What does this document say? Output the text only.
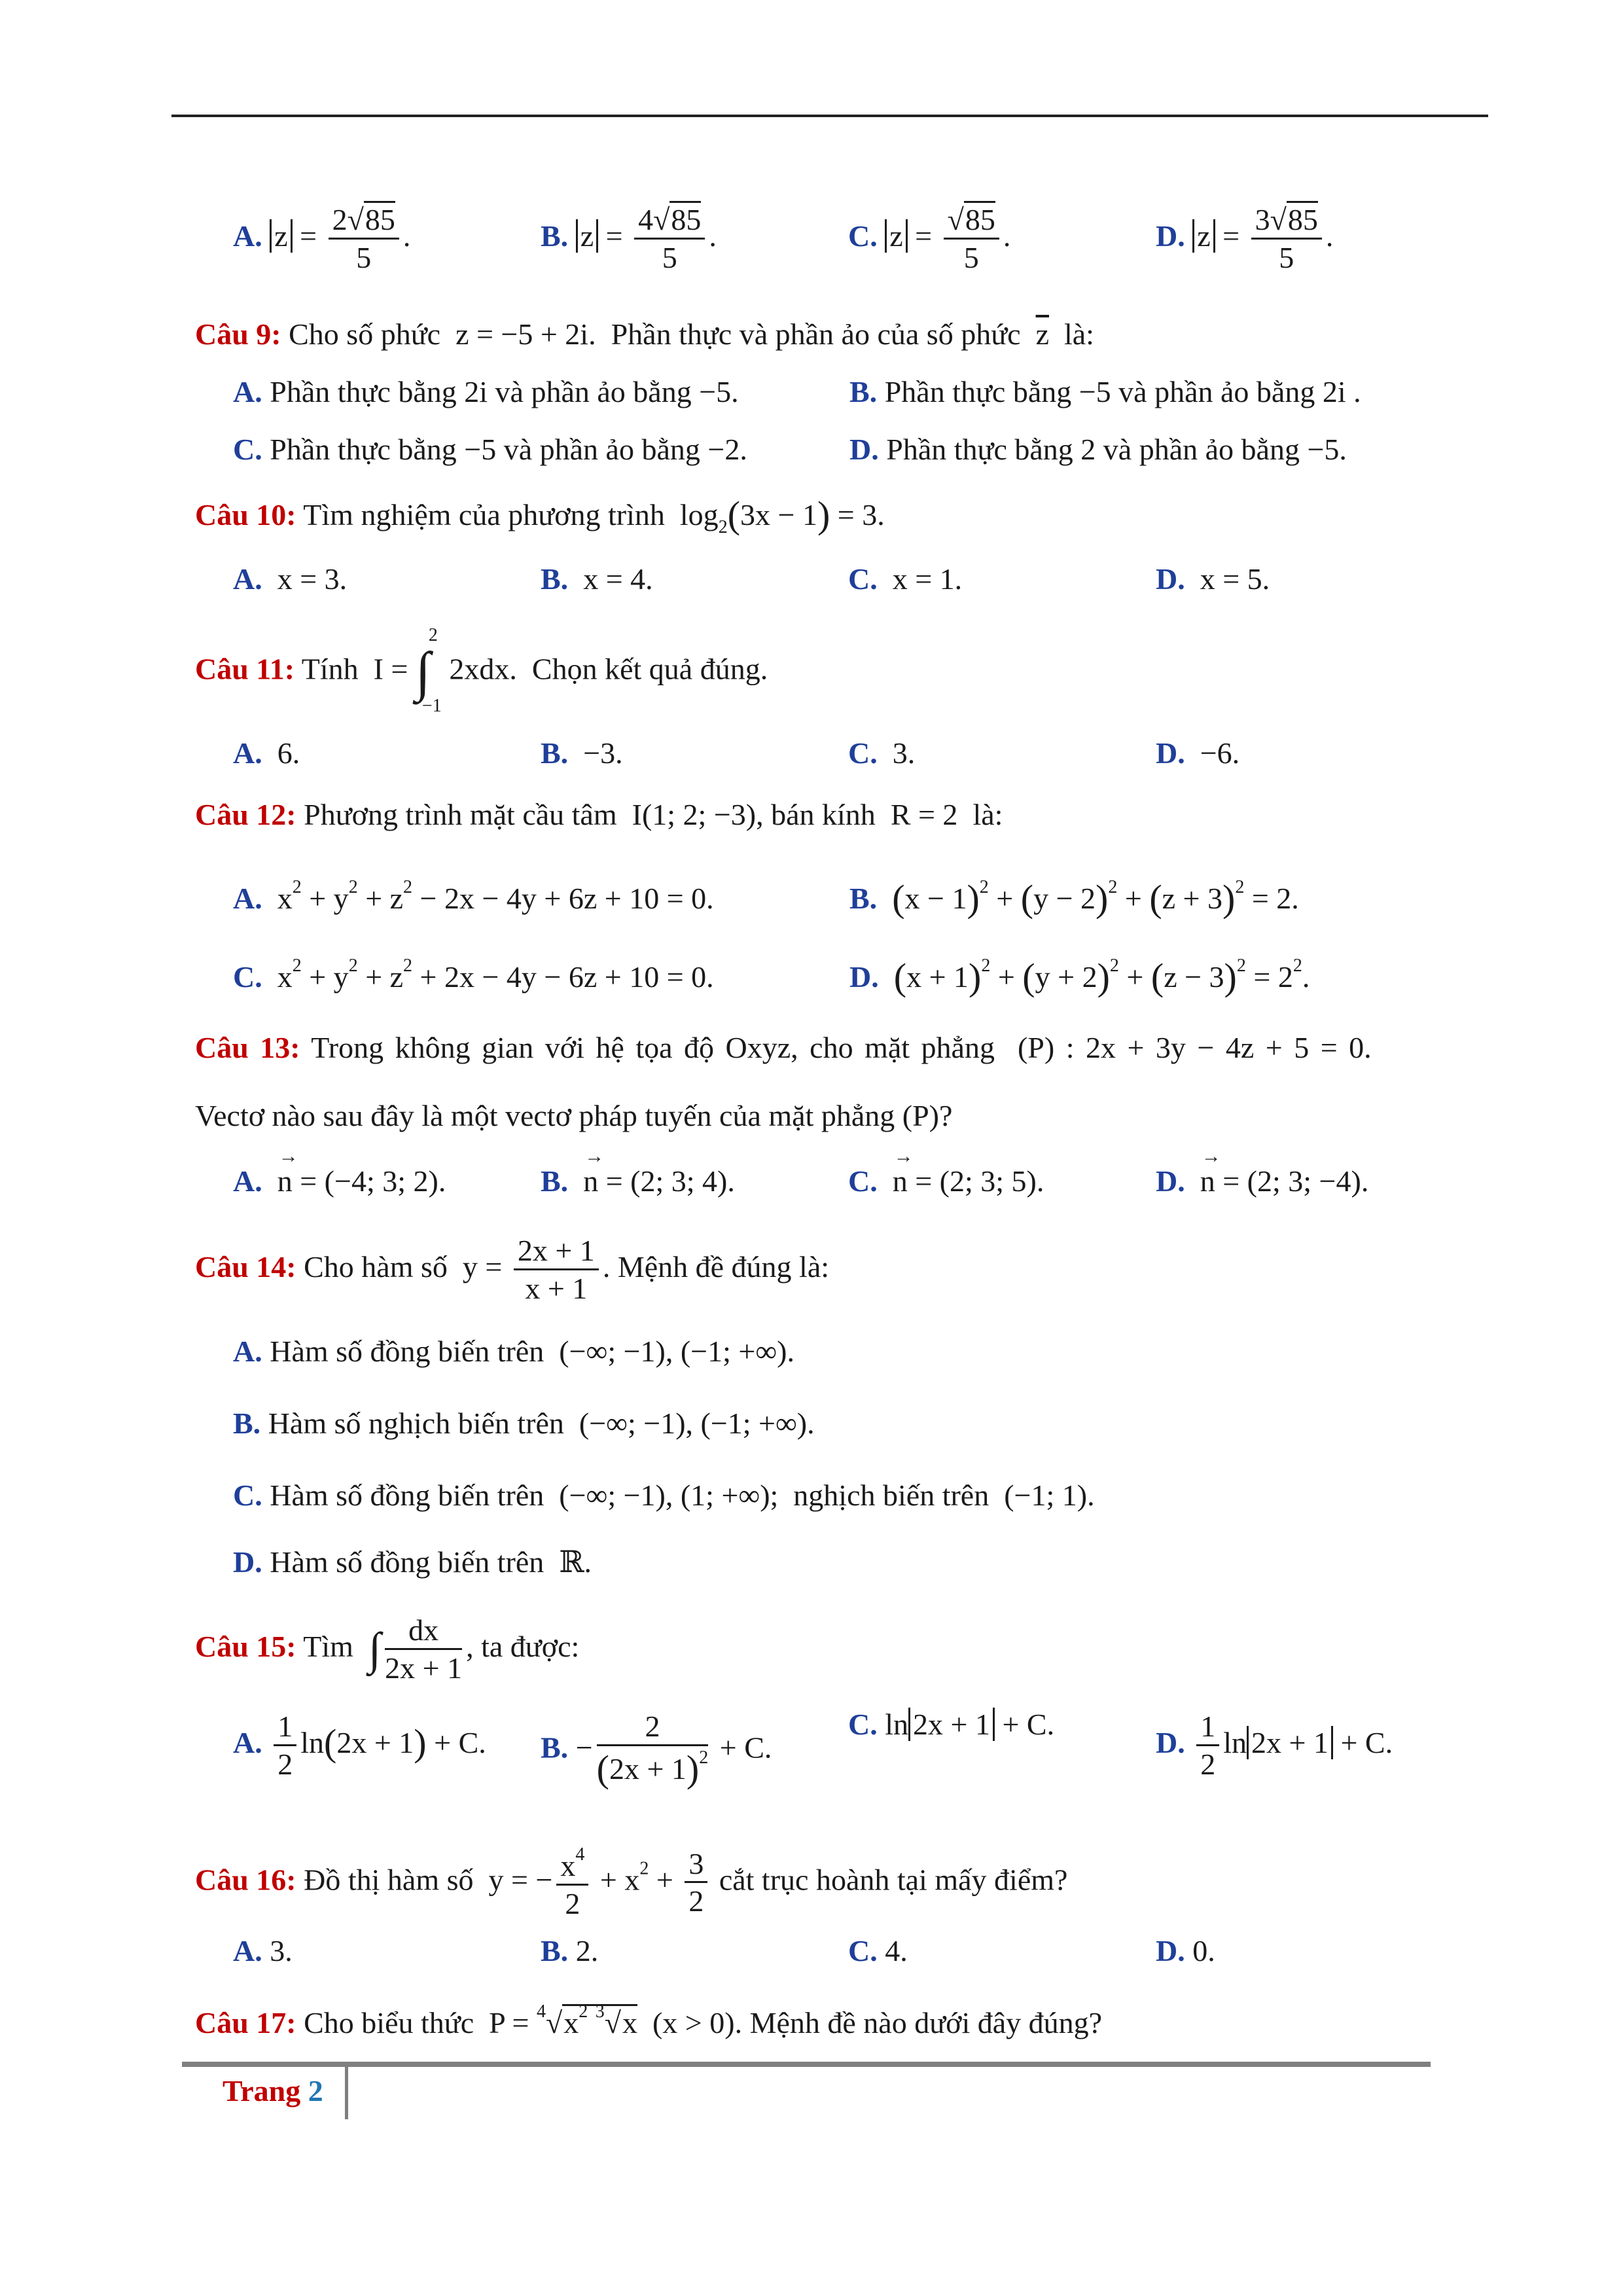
A. $z = \frac{2√85}{5}$ .	B. $z = \frac{4√85}{5}$ .	C. $z = \frac{√85}{5}$ .	D. $z = \frac{3√85}{5}$ .
Câu 9: Cho số phức z = −5 + 2i. Phần thực và phần ảo của số phức $\overline{z}$ là:
A. Phần thực bằng 2i và phần ảo bằng −5.	B. Phần thực bằng −5 và phần ảo bằng 2i .
C. Phần thực bằng −5 và phần ảo bằng −2.	D. Phần thực bằng 2 và phần ảo bằng −5.
Câu 10: Tìm nghiệm của phương trình $\log_2(3x - 1) = 3$.
A. x = 3.	B. x = 4.	C. x = 1.	D. x = 5.
Câu 11: Tính I = ∫
2
−1
2xdx. Chọn kết quả đúng.
A. 6.	B. −3.	C. 3.	D. −6.
Câu 12: Phương trình mặt cầu tâm I(1; 2; −3), bán kính R = 2 là:
A.  $x^2 + y^2 + z^2 - 2x - 4y + 6z + 10 = 0$.	B. $(x - 1)^2 + (y - 2)^2 + (z + 3)^2 = 2$.
C.  $x^2 + y^2 + z^2 + 2x - 4y - 6z + 10 = 0$.	D. $(x + 1)^2 + (y + 2)^2 + (z - 3)^2 = 2^2$.
Câu 13: Trong không gian với hệ tọa độ Oxyz, cho mặt phẳng (P) : 2x + 3y − 4z + 5 = 0.
Vectơ nào sau đây là một vectơ pháp tuyến của mặt phẳng (P)?
A. → n = (−4; 3; 2).	B. → n = (2; 3; 4).	C. → n = (2; 3; 5).	D. → n = (2; 3; −4).
Câu 14: Cho hàm số $y = \frac{2x + 1}{x + 1}$ . Mệnh đề đúng là:
A. Hàm số đồng biến trên (−∞; −1), (−1; +∞).
B. Hàm số nghịch biến trên (−∞; −1), (−1; +∞).
C. Hàm số đồng biến trên (−∞; −1), (1; +∞); nghịch biến trên (−1; 1).
D. Hàm số đồng biến trên ℝ.
Câu 15: Tìm ∫ $\frac{dx}{2x + 1}$ , ta được:
A. $\frac{1}{2} \ln(2x + 1) + C$. B. − $\frac{2}{(2x + 1)^2} + C$.
C. ln 2x + 1 + C.
D. $\frac{1}{2}$ ln 2x + 1 + C.
Câu 16: Đồ thị hàm số  y = − $\frac{x^4}{2} + x^2 + \frac{3}{2}$ cắt trục hoành tại mấy điểm?
A. 3.	B. 2.	C. 4.	D. 0.
Câu 17: Cho biểu thức  $P = ^4√x^2$ $^3$√x (x > 0). Mệnh đề nào dưới đây đúng?
Trang 2
